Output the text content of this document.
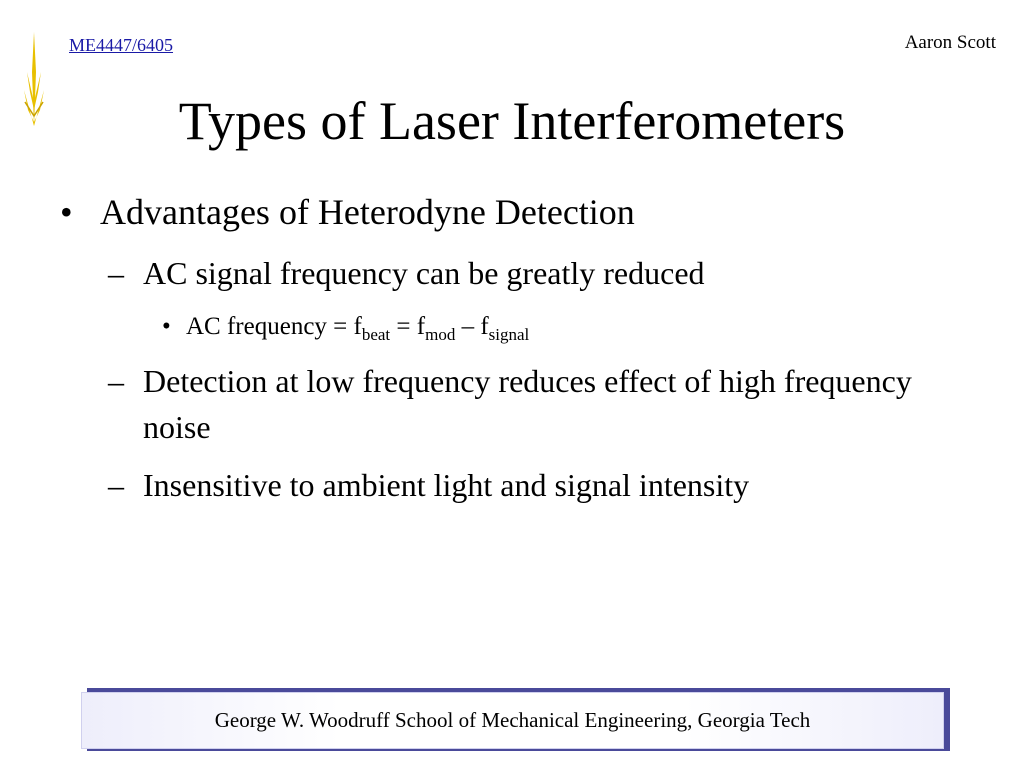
ME4447/6405	Aaron Scott
Types of Laser Interferometers
• Advantages of Heterodyne Detection
– AC signal frequency can be greatly reduced
• AC frequency = $f_{beat} = f_{mod} - f_{signal}$
– Detection at low frequency reduces effect of high frequency noise
– Insensitive to ambient light and signal intensity
George W. Woodruff School of Mechanical Engineering, Georgia Tech
